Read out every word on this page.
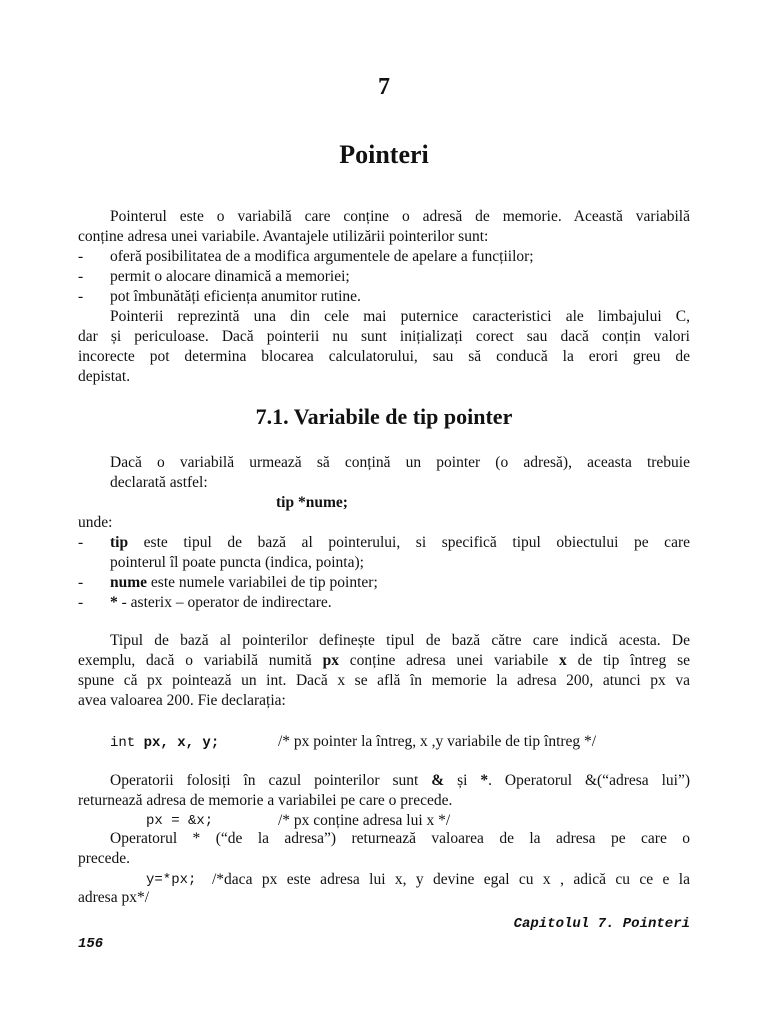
7
Pointeri
Pointerul este o variabilă care conține o adresă de memorie. Această variabilă
conține adresa unei variabile. Avantajele utilizării pointerilor sunt:
- oferă posibilitatea de a modifica argumentele de apelare a funcțiilor;
- permit o alocare dinamică a memoriei;
- pot îmbunătăți eficiența anumitor rutine.
Pointerii reprezintă una din cele mai puternice caracteristici ale limbajului C,
dar și periculoase. Dacă pointerii nu sunt inițializați corect sau dacă conțin valori
incorecte pot determina blocarea calculatorului, sau să conducă la erori greu de
depistat.
7.1. Variabile de tip pointer
Dacă o variabilă urmează să conțină un pointer (o adresă), aceasta trebuie
declarată astfel:
tip *nume;
unde:
- tip este tipul de bază al pointerului, si specifică tipul obiectului pe care
pointerul îl poate puncta (indica, pointa);
- nume este numele variabilei de tip pointer;
- * - asterix – operator de indirectare.
Tipul de bază al pointerilor definește tipul de bază către care indică acesta. De
exemplu, dacă o variabilă numită px conține adresa unei variabile x de tip întreg se
spune că px pointează un int. Dacă x se află în memorie la adresa 200, atunci px va
avea valoarea 200. Fie declarația:
int px, x, y;	/* px pointer la întreg, x ,y variabile de tip întreg */
Operatorii folosiți în cazul pointerilor sunt & și *. Operatorul &(“adresa lui”)
returnează adresa de memorie a variabilei pe care o precede.
px = &x;	/* px conține adresa lui x */
Operatorul * (“de la adresa”) returnează valoarea de la adresa pe care o
precede.
y=*px; /*daca px este adresa lui x, y devine egal cu x , adică cu ce e la
adresa px*/
Capitolul 7. Pointeri
156
